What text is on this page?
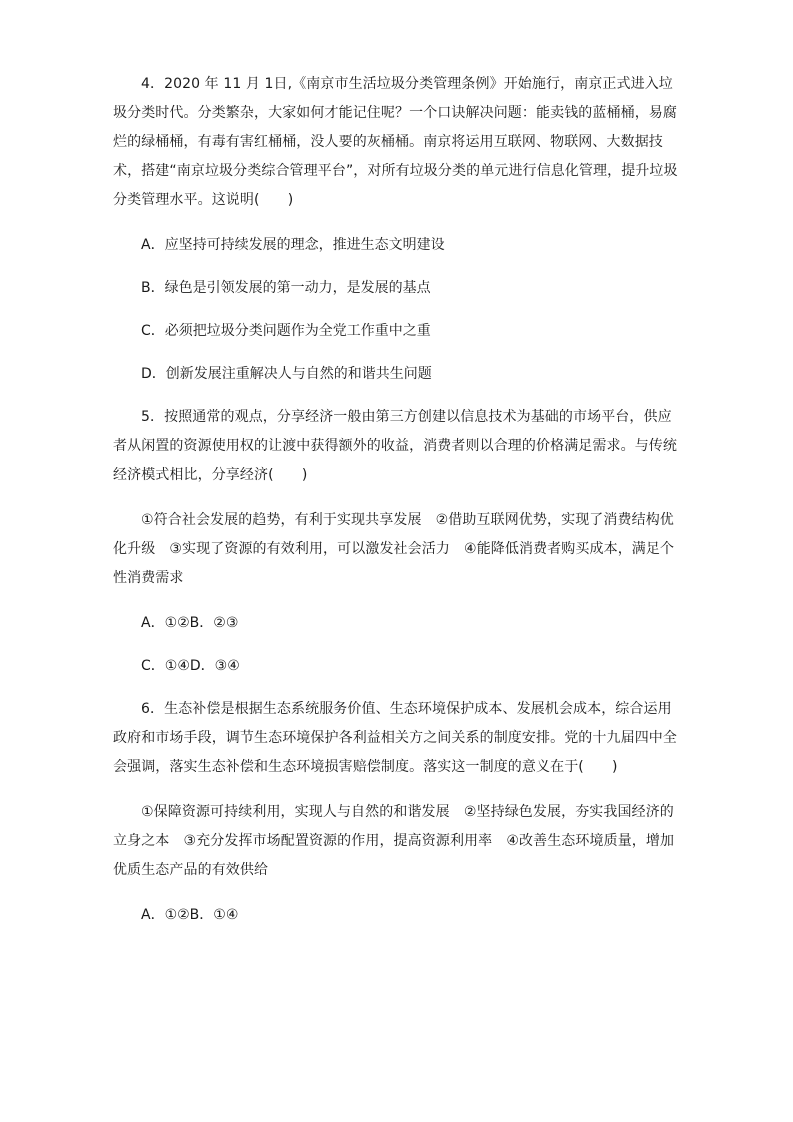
4．2020 年 11 月 1日,《南京市生活垃圾分类管理条例》开始施行，南京正式进入垃圾分类时代。分类繁杂，大家如何才能记住呢？一个口诀解决问题：能卖钱的蓝桶桶，易腐烂的绿桶桶，有毒有害红桶桶，没人要的灰桶桶。南京将运用互联网、物联网、大数据技术，搭建“南京垃圾分类综合管理平台”，对所有垃圾分类的单元进行信息化管理，提升垃圾分类管理水平。这说明(　　)

A．应坚持可持续发展的理念，推进生态文明建设

B．绿色是引领发展的第一动力，是发展的基点

C．必须把垃圾分类问题作为全党工作重中之重

D．创新发展注重解决人与自然的和谐共生问题

5．按照通常的观点，分享经济一般由第三方创建以信息技术为基础的市场平台，供应者从闲置的资源使用权的让渡中获得额外的收益，消费者则以合理的价格满足需求。与传统经济模式相比，分享经济(　　)

①符合社会发展的趋势，有利于实现共享发展　②借助互联网优势，实现了消费结构优化升级　③实现了资源的有效利用，可以激发社会活力　④能降低消费者购买成本，满足个性消费需求

A．①②B．②③

C．①④D．③④

6．生态补偿是根据生态系统服务价值、生态环境保护成本、发展机会成本，综合运用政府和市场手段，调节生态环境保护各利益相关方之间关系的制度安排。党的十九届四中全会强调，落实生态补偿和生态环境损害赔偿制度。落实这一制度的意义在于(　　)

①保障资源可持续利用，实现人与自然的和谐发展　②坚持绿色发展，夯实我国经济的立身之本　③充分发挥市场配置资源的作用，提高资源利用率　④改善生态环境质量，增加优质生态产品的有效供给

A．①②B．①④
